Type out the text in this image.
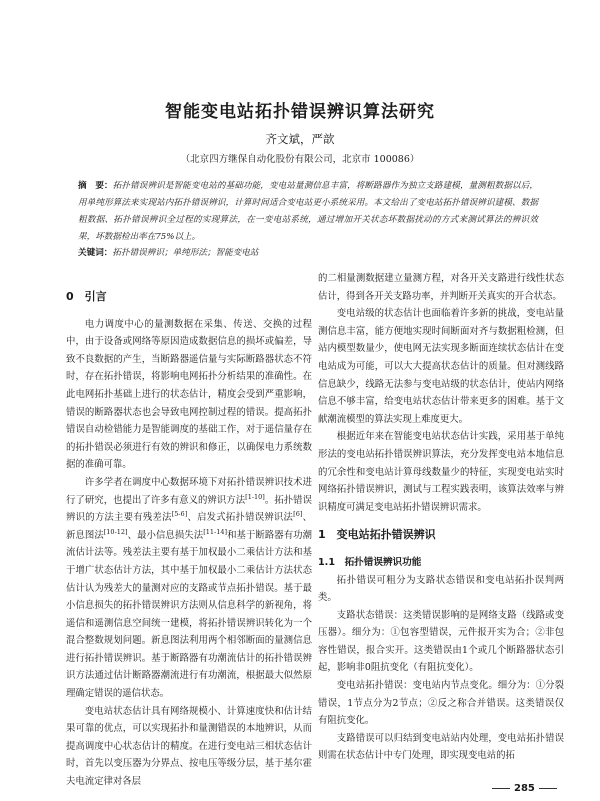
智能变电站拓扑错误辨识算法研究
齐文斌，严歆
（北京四方继保自动化股份有限公司，北京市 100086）
摘　要：拓扑错误辨识是智能变电站的基础功能，变电站量测信息丰富，将断路器作为独立支路建模，量测粗数据以后，用单纯形算法来实现站内拓扑错误辨识，计算时间适合变电站更小系统采用。本文给出了变电站拓扑错误辨识建模、数据粗数据、拓扑错误辨识全过程的实现算法，在一变电站系统，通过增加开关状态坏数据扰动的方式来测试算法的辨识效果，坏数据检出率在75%以上。
关键词：拓扑错误辨识；单纯形法；智能变电站
0　引言

电力调度中心的量测数据在采集、传送、交换的过程中，由于设备或网络等原因造成数据信息的损坏或偏差，导致不良数据的产生，当断路器遥信量与实际断路器状态不符时，存在拓扑错误，将影响电网拓扑分析结果的准确性。在此电网拓扑基础上进行的状态估计，精度会受到严重影响，错误的断路器状态也会导致电网控制过程的错误。提高拓扑错误自动检错能力是智能调度的基础工作，对于遥信量存在的拓扑错误必须进行有效的辨识和修正，以确保电力系统数据的准确可靠。

许多学者在调度中心数据环境下对拓扑错误辨识技术进行了研究，也提出了许多有意义的辨识方法[1-10]。拓扑错误辨识的方法主要有残差法[5-6]、启发式拓扑错误辨识法[6]、新息图法[10-12]、最小信息损失法[11-14]和基于断路器有功潮流估计法等。残差法主要有基于加权最小二乘估计方法和基于增广状态估计方法，其中基于加权最小二乘估计方法状态估计认为残差大的量测对应的支路或节点拓扑错误。基于最小信息损失的拓扑错误辨识方法则从信息科学的新视角，将遥信和遥测信息空间统一建模，将拓扑错误辨识转化为一个混合整数规划问题。新息图法利用两个相邻断面的量测信息进行拓扑错误辨识。基于断路器有功潮流估计的拓扑错误辨识方法通过估计断路器潮流进行有功潮流，根据最大似然原理确定错误的遥信状态。

变电站状态估计具有网络规模小、计算速度快和估计结果可靠的优点，可以实现拓扑和量测错误的本地辨识，从而提高调度中心状态估计的精度。在进行变电站三相状态估计时，首先以变压器为分界点、按电压等级分层，基于基尔霍夫电流定律对各层

的二相量测数据建立量测方程，对各开关支路进行线性状态估计，得到各开关支路功率，并判断开关真实的开合状态。

变电站级的状态估计也面临着许多新的挑战，变电站量测信息丰富，能方便地实现时间断面对齐与数据粗检测，但站内模型数量少，使电网无法实现多断面连续状态估计在变电站成为可能，可以大大提高状态估计的质量。但对测线路信息缺少，线路无法参与变电站级的状态估计，使站内网络信息不够丰富，给变电站状态估计带来更多的困难。基于文献潮流模型的算法实现上难度更大。

根据近年来在智能变电站状态估计实践，采用基于单纯形法的变电站拓扑错误辨识算法，充分发挥变电站本地信息的冗余性和变电站计算母线数量少的特征，实现变电站实时网络拓扑错误辨识，测试与工程实践表明，该算法效率与辨识精度可满足变电站拓扑错误辨识需求。

1　变电站拓扑错误辨识
1.1　拓扑错误辨识功能

拓扑错误可粗分为支路状态错误和变电站拓扑误判两类。

支路状态错误：这类错误影响的是网络支路（线路或变压器）。细分为：①包容型错误，元件报开实为合；②非包容性错误，报合实开。这类错误由1个或几个断路器状态引起，影响非0阻抗变化（有阻抗变化）。

变电站拓扑错误：变电站内节点变化。细分为：①分裂错误，1节点分为2节点；②反之称合并错误。这类错误仅有阻抗变化。

支路错误可以归结到变电站站内处理，变电站拓扑错误则需在状态估计中专门处理，即实现变电站的拓

285
